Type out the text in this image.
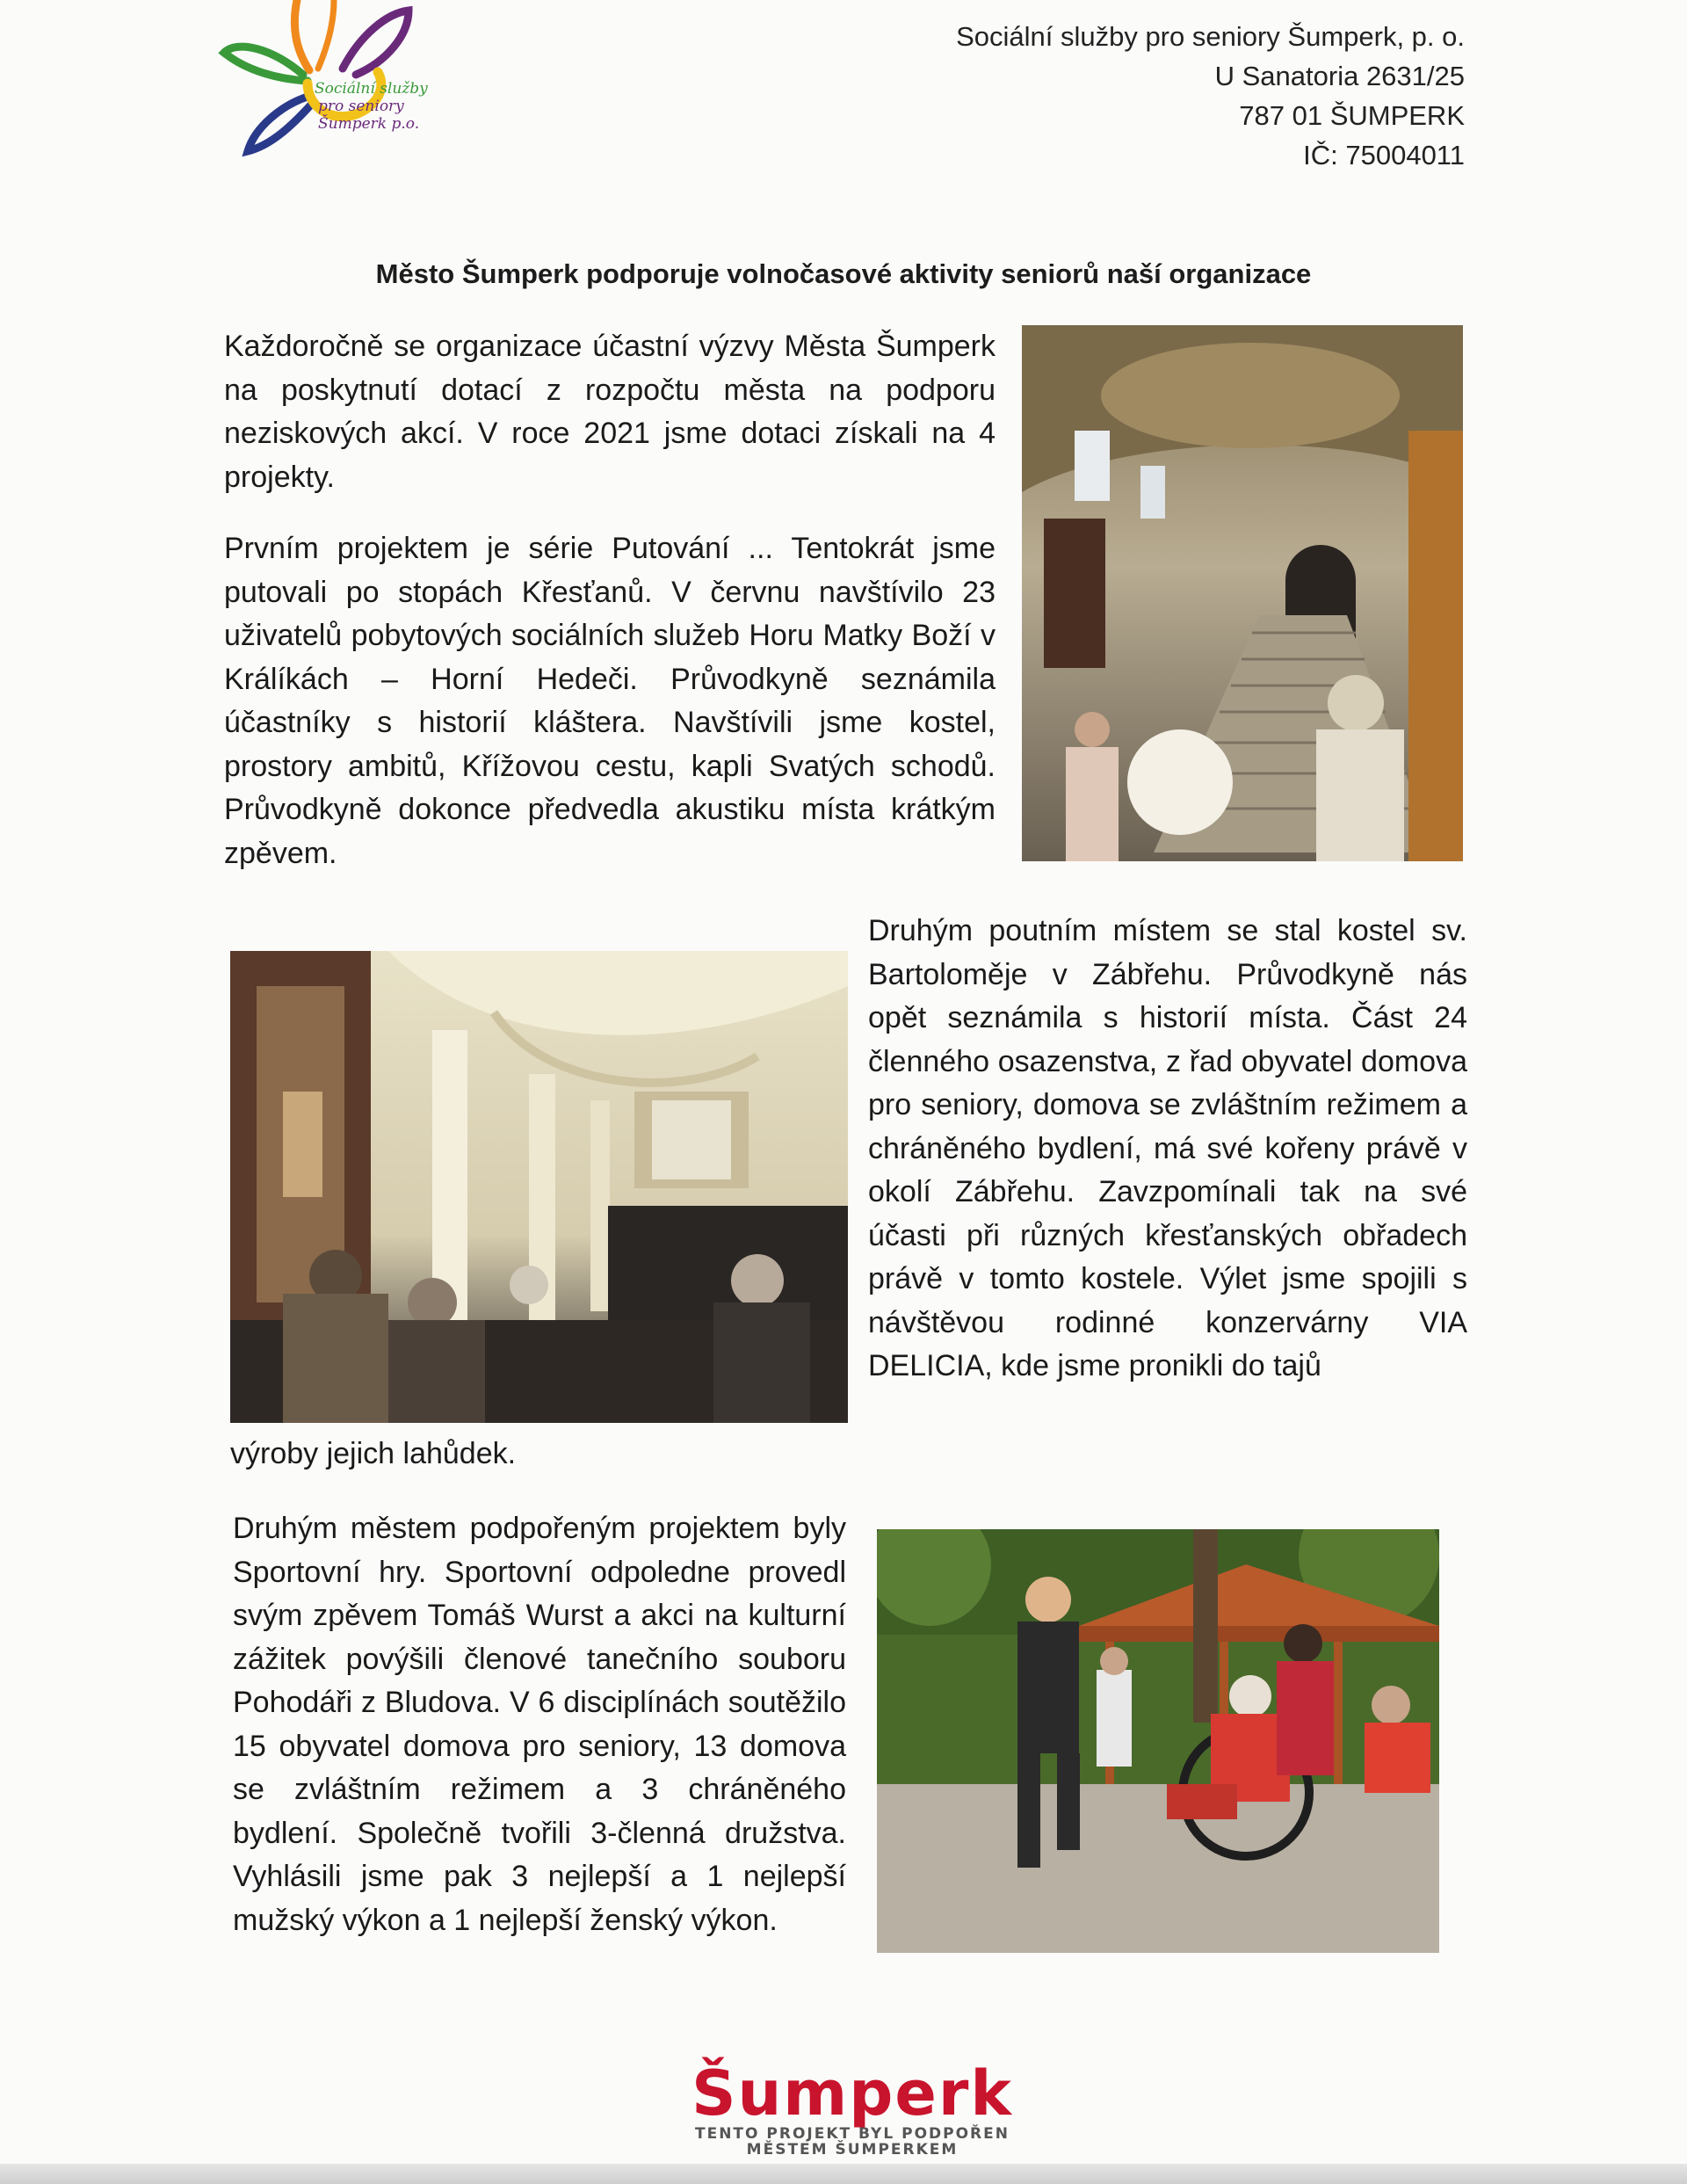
Sociální služby
pro seniory
Šumperk p.o.
Sociální služby pro seniory Šumperk, p. o.
U Sanatoria 2631/25
787 01 ŠUMPERK
IČ: 75004011
Město Šumperk podporuje volnočasové aktivity seniorů naší organizace
Každoročně se organizace účastní výzvy Města Šumperk na poskytnutí dotací z rozpočtu města na podporu neziskových akcí. V roce 2021 jsme dotaci získali na 4 projekty.
Prvním projektem je série Putování ... Tentokrát jsme putovali po stopách Křesťanů. V červnu navštívilo 23 uživatelů pobytových sociálních služeb Horu Matky Boží v Králíkách – Horní Hedeči. Průvodkyně seznámila účastníky s historií kláštera. Navštívili jsme kostel, prostory ambitů, Křížovou cestu, kapli Svatých schodů. Průvodkyně dokonce předvedla akustiku místa krátkým zpěvem.
Druhým poutním místem se stal kostel sv. Bartoloměje v Zábřehu. Průvodkyně nás opět seznámila s historií místa. Část 24 členného osazenstva, z řad obyvatel domova pro seniory, domova se zvláštním režimem a chráněného bydlení, má své kořeny právě v okolí Zábřehu. Zavzpomínali tak na své účasti při různých křesťanských obřadech právě v tomto kostele. Výlet jsme spojili s návštěvou rodinné konzervárny VIA DELICIA, kde jsme pronikli do tajů
výroby jejich lahůdek.
Druhým městem podpořeným projektem byly Sportovní hry. Sportovní odpoledne provedl svým zpěvem Tomáš Wurst a akci na kulturní zážitek povýšili členové tanečního souboru Pohodáři z Bludova. V 6 disciplínách soutěžilo 15 obyvatel domova pro seniory, 13 domova se zvláštním režimem a 3 chráněného bydlení. Společně tvořili 3-členná družstva. Vyhlásili jsme pak 3 nejlepší a 1 nejlepší mužský výkon a 1 nejlepší ženský výkon.
Šumperk
TENTO PROJEKT BYL PODPOŘEN
MĚSTEM ŠUMPERKEM
